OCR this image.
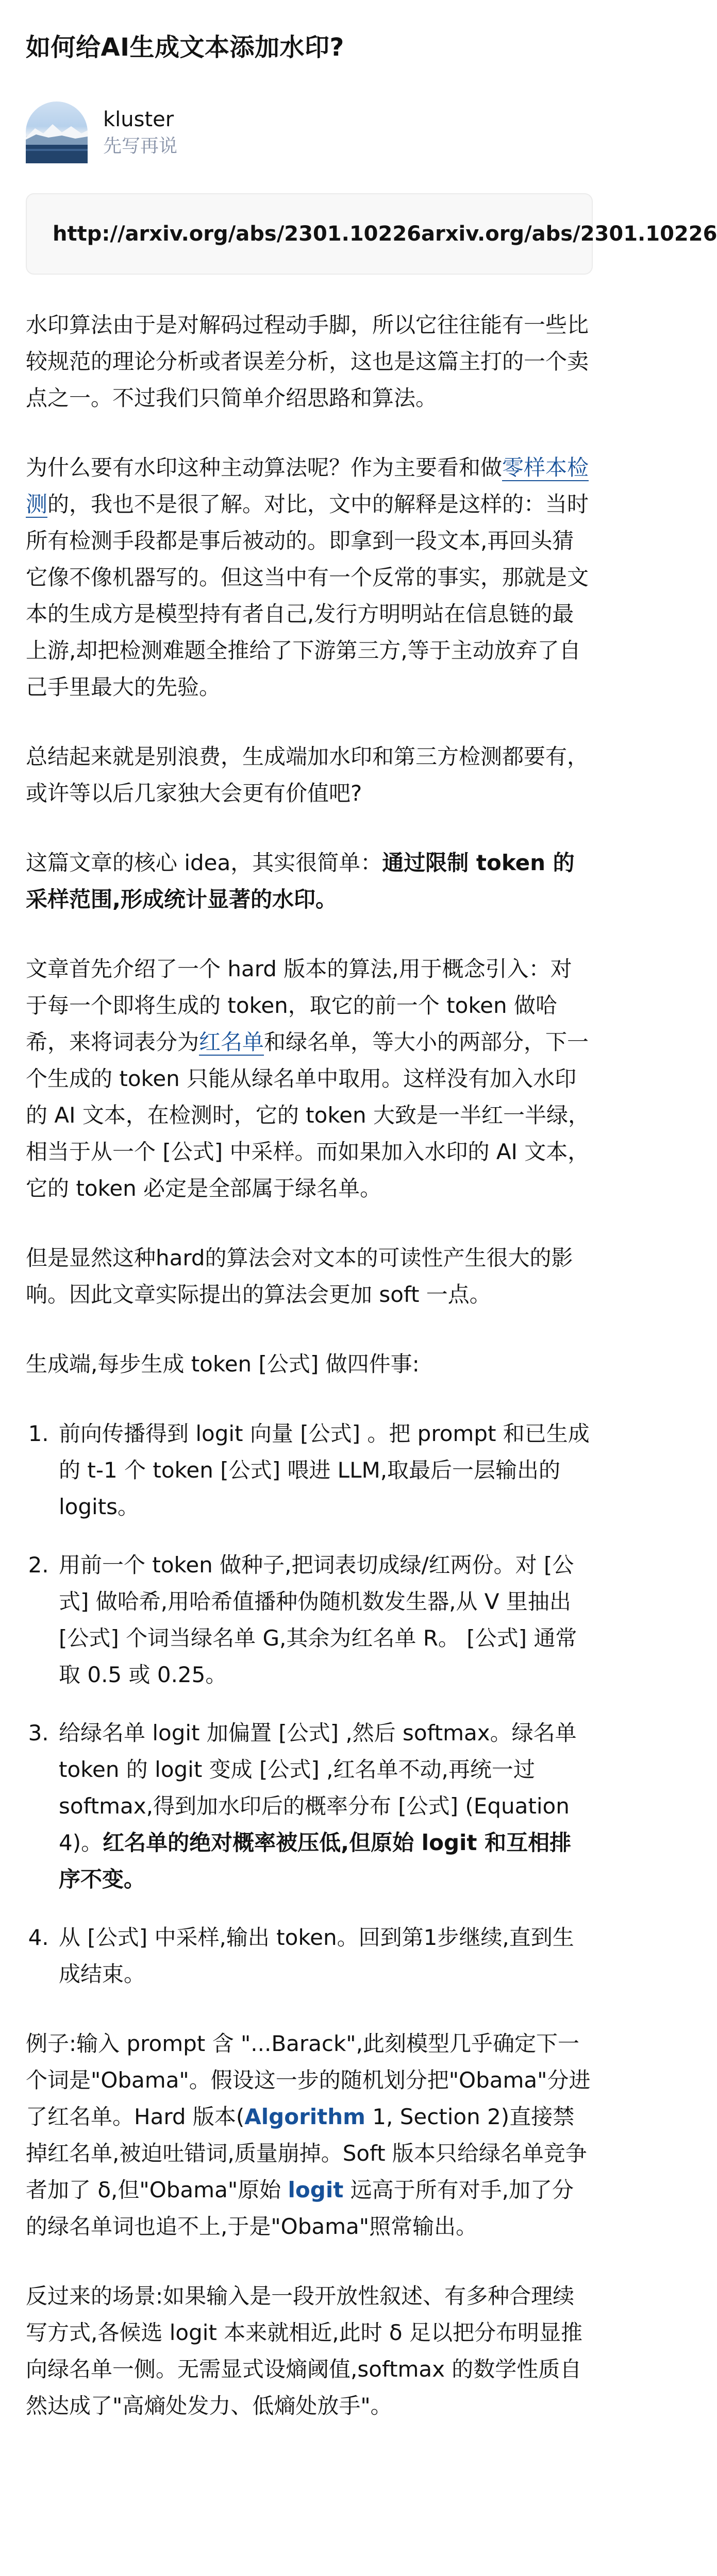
如何给AI生成文本添加水印?
kluster
先写再说
http://arxiv.org/abs/2301.10226arxiv.org/abs/2301.10226

水印算法由于是对解码过程动手脚，所以它往往能有一些比较规范的理论分析或者误差分析，这也是这篇主打的一个卖点之一。不过我们只简单介绍思路和算法。

为什么要有水印这种主动算法呢？作为主要看和做零样本检测的，我也不是很了解。对比，文中的解释是这样的：当时所有检测手段都是事后被动的。即拿到一段文本,再回头猜它像不像机器写的。但这当中有一个反常的事实，那就是文本的生成方是模型持有者自己,发行方明明站在信息链的最上游,却把检测难题全推给了下游第三方,等于主动放弃了自己手里最大的先验。

总结起来就是别浪费，生成端加水印和第三方检测都要有，或许等以后几家独大会更有价值吧?

这篇文章的核心 idea，其实很简单：通过限制 token 的采样范围,形成统计显著的水印。

文章首先介绍了一个 hard 版本的算法,用于概念引入：对于每一个即将生成的 token，取它的前一个 token 做哈希，来将词表分为红名单和绿名单，等大小的两部分，下一个生成的 token 只能从绿名单中取用。这样没有加入水印的 AI 文本，在检测时，它的 token 大致是一半红一半绿，相当于从一个 [公式] 中采样。而如果加入水印的 AI 文本，它的 token 必定是全部属于绿名单。

但是显然这种hard的算法会对文本的可读性产生很大的影响。因此文章实际提出的算法会更加 soft 一点。

生成端,每步生成 token [公式] 做四件事:

1. 前向传播得到 logit 向量 [公式] 。把 prompt 和已生成的 t-1 个 token [公式] 喂进 LLM,取最后一层输出的 logits。
2. 用前一个 token 做种子,把词表切成绿/红两份。对 [公式] 做哈希,用哈希值播种伪随机数发生器,从 V 里抽出 [公式] 个词当绿名单 G,其余为红名单 R。 [公式] 通常取 0.5 或 0.25。
3. 给绿名单 logit 加偏置 [公式] ,然后 softmax。绿名单 token 的 logit 变成 [公式] ,红名单不动,再统一过 softmax,得到加水印后的概率分布 [公式] (Equation 4)。红名单的绝对概率被压低,但原始 logit 和互相排序不变。
4. 从 [公式] 中采样,输出 token。回到第1步继续,直到生成结束。

例子:输入 prompt 含 "...Barack",此刻模型几乎确定下一个词是"Obama"。假设这一步的随机划分把"Obama"分进了红名单。Hard 版本(Algorithm 1, Section 2)直接禁掉红名单,被迫吐错词,质量崩掉。Soft 版本只给绿名单竞争者加了 δ,但"Obama"原始 logit 远高于所有对手,加了分的绿名单词也追不上,于是"Obama"照常输出。

反过来的场景:如果输入是一段开放性叙述、有多种合理续写方式,各候选 logit 本来就相近,此时 δ 足以把分布明显推向绿名单一侧。无需显式设熵阈值,softmax 的数学性质自然达成了"高熵处发力、低熵处放手"。
